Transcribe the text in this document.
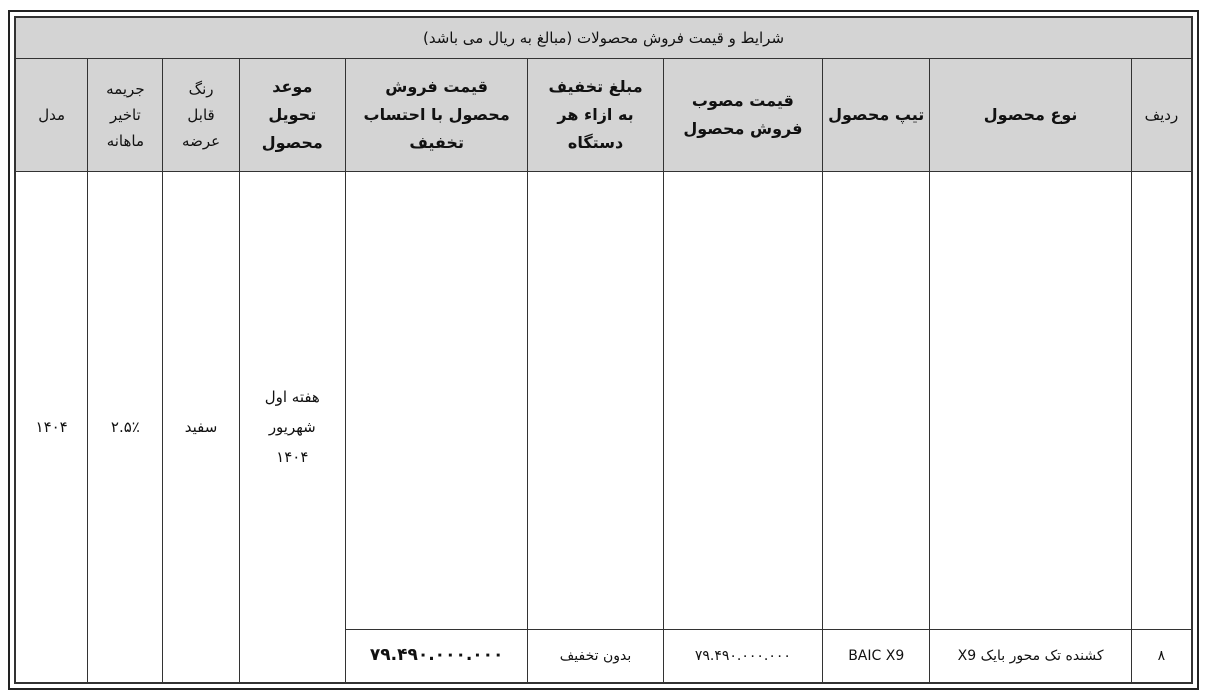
شرایط و قیمت فروش محصولات (مبالغ به ریال می باشد)									
ردیف	نوع محصول	تیپ محصول	قیمت مصوب فروش محصول	مبلغ تخفیف به ازاء هر دستگاه	قیمت فروش محصول با احتساب تخفیف	موعد تحویل محصول	رنگ قابل عرضه	جریمه تاخیر ماهانه	مدل

۸	کشنده تک محور بایک X9	BAIC X9	۷۹.۴۹۰.۰۰۰.۰۰۰	بدون تخفیف	۷۹.۴۹۰.۰۰۰.۰۰۰	هفته اول شهریور ۱۴۰۴	سفید	۲.۵٪	۱۴۰۴
